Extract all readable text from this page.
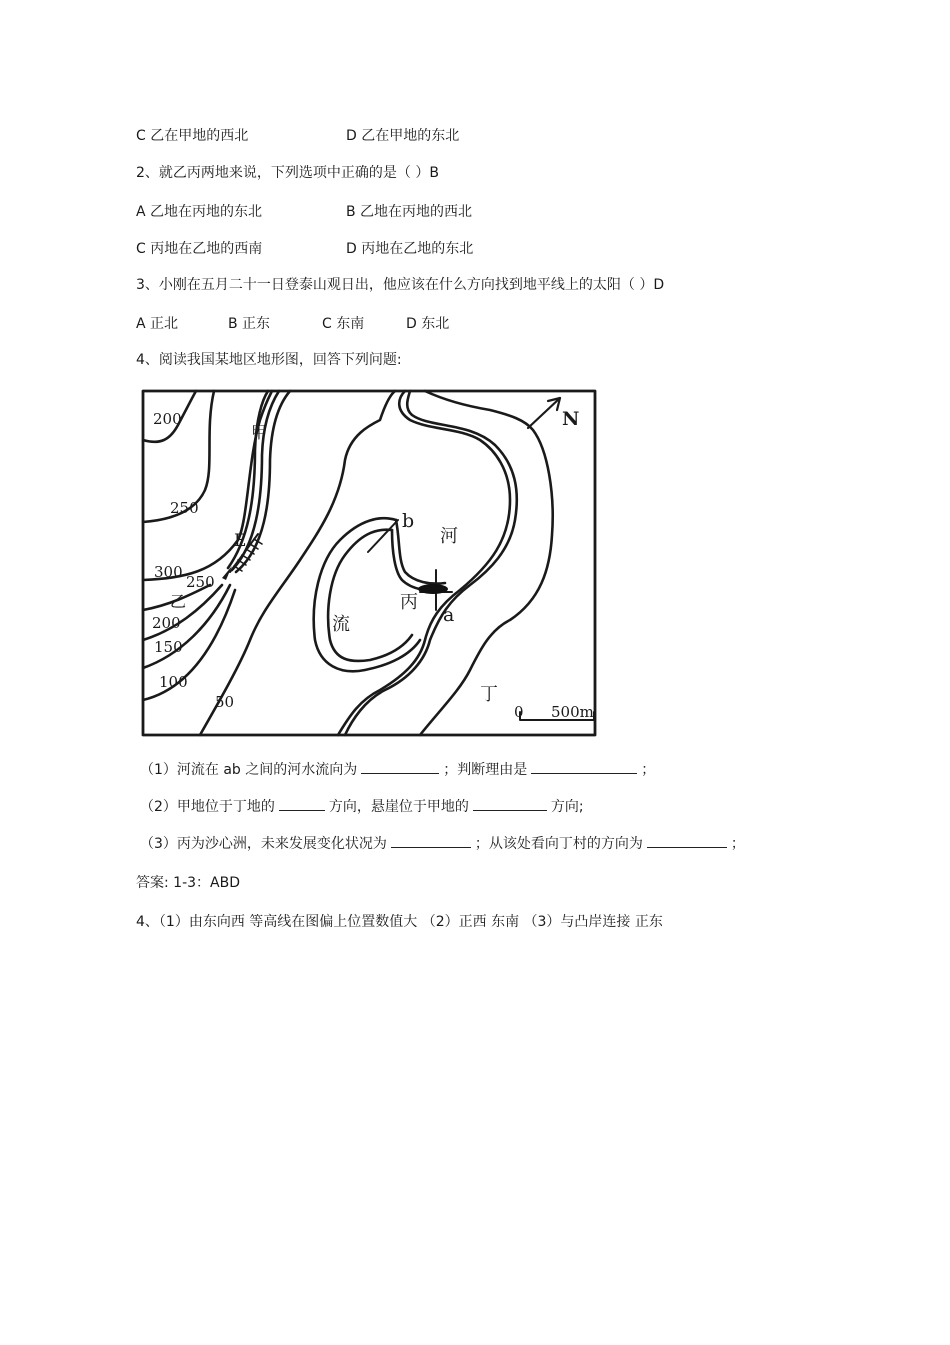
C 乙在甲地的西北	D 乙在甲地的东北
2、就乙丙两地来说，下列选项中正确的是（ ）B
A 乙地在丙地的东北	B 乙地在丙地的西北
C 丙地在乙地的西南	D 丙地在乙地的东北
3、小刚在五月二十一日登泰山观日出，他应该在什么方向找到地平线上的太阳（ ）D
A 正北	B 正东	C 东南	D 东北
4、阅读我国某地区地形图，回答下列问题:
200
250
300
250
200
150
100
50
甲
乙	丙
丁
河
流
E
b
a
N
0 500m
（1）河流在 ab 之间的河水流向为	；判断理由是	；
（2）甲地位于丁地的	方向，悬崖位于甲地的	方向;
（3）丙为沙心洲，未来发展变化状况为	；从该处看向丁村的方向为	；
答案: 1-3：ABD
4、（1）由东向西 等高线在图偏上位置数值大 （2）正西 东南 （3）与凸岸连接 正东
